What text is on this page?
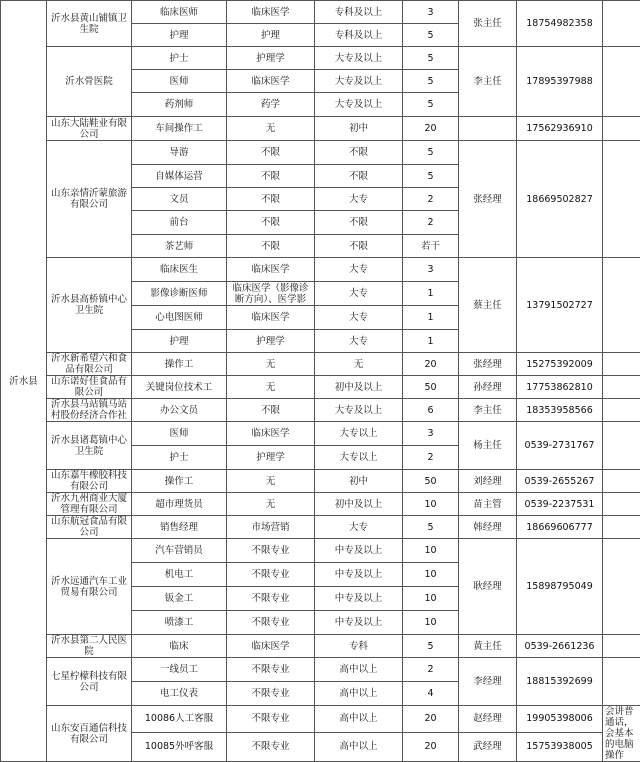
沂水县	沂水县黄山铺镇卫生院	临床医师	临床医学	专科及以上	3	张主任	18754982358	
		护理	护理	专科及以上	5			
	沂水骨医院	护士	护理学	大专及以上	5	李主任	17895397988	
		医师	临床医学	大专及以上	5			
		药剂师	药学	大专及以上	5			
	山东大陆鞋业有限公司	车间操作工	无	初中	20		17562936910	
	山东亲情沂蒙旅游有限公司	导游	不限	不限	5	张经理	18669502827	
		自媒体运营	不限	不限	5			
		文员	不限	大专	2			
		前台	不限	不限	2			
		茶艺师	不限	不限	若干			
	沂水县高桥镇中心卫生院	临床医生	临床医学	大专	3	蔡主任	13791502727	
		影像诊断医师	临床医学（影像诊断方向）、医学影	大专	1			
		心电图医师	临床医学	大专	1			
		护理	护理学	大专	1			
	沂水新希望六和食品有限公司	操作工	无	无	20	张经理	15275392009	
	山东诺好佳食品有限公司	关键岗位技术工	无	初中及以上	50	孙经理	17753862810	
	沂水县马站镇马站村股份经济合作社	办公文员	不限	大专及以上	6	李主任	18353958566	
	沂水县诸葛镇中心卫生院	医师	临床医学	大专以上	3	杨主任	0539-2731767	
		护士	护理学	大专以上	2			
	山东嘉牛橡胶科技有限公司	操作工	无	初中	50	刘经理	0539-2655267	
	沂水九州商业大厦管理有限公司	超市理货员	无	初中及以上	10	苗主管	0539-2237531	
	山东航冠食品有限公司	销售经理	市场营销	大专	5	韩经理	18669606777	
	沂水远通汽车工业贸易有限公司	汽车营销员	不限专业	中专及以上	10	耿经理	15898795049	
		机电工	不限专业	中专及以上	10			
		钣金工	不限专业	中专及以上	10			
		喷漆工	不限专业	中专及以上	10			
	沂水县第二人民医院	临床	临床医学	专科	5	黄主任	0539-2661236	
	七星柠檬科技有限公司	一线员工	不限专业	高中以上	2	李经理	18815392699	
		电工仪表	不限专业	高中以上	4			
	山东安百通信科技有限公司	10086人工客服	不限专业	高中以上	20	赵经理	19905398006	会讲普通话，会基本的电脑操作
		10085外呼客服	不限专业	高中以上	20	武经理	15753938005	
